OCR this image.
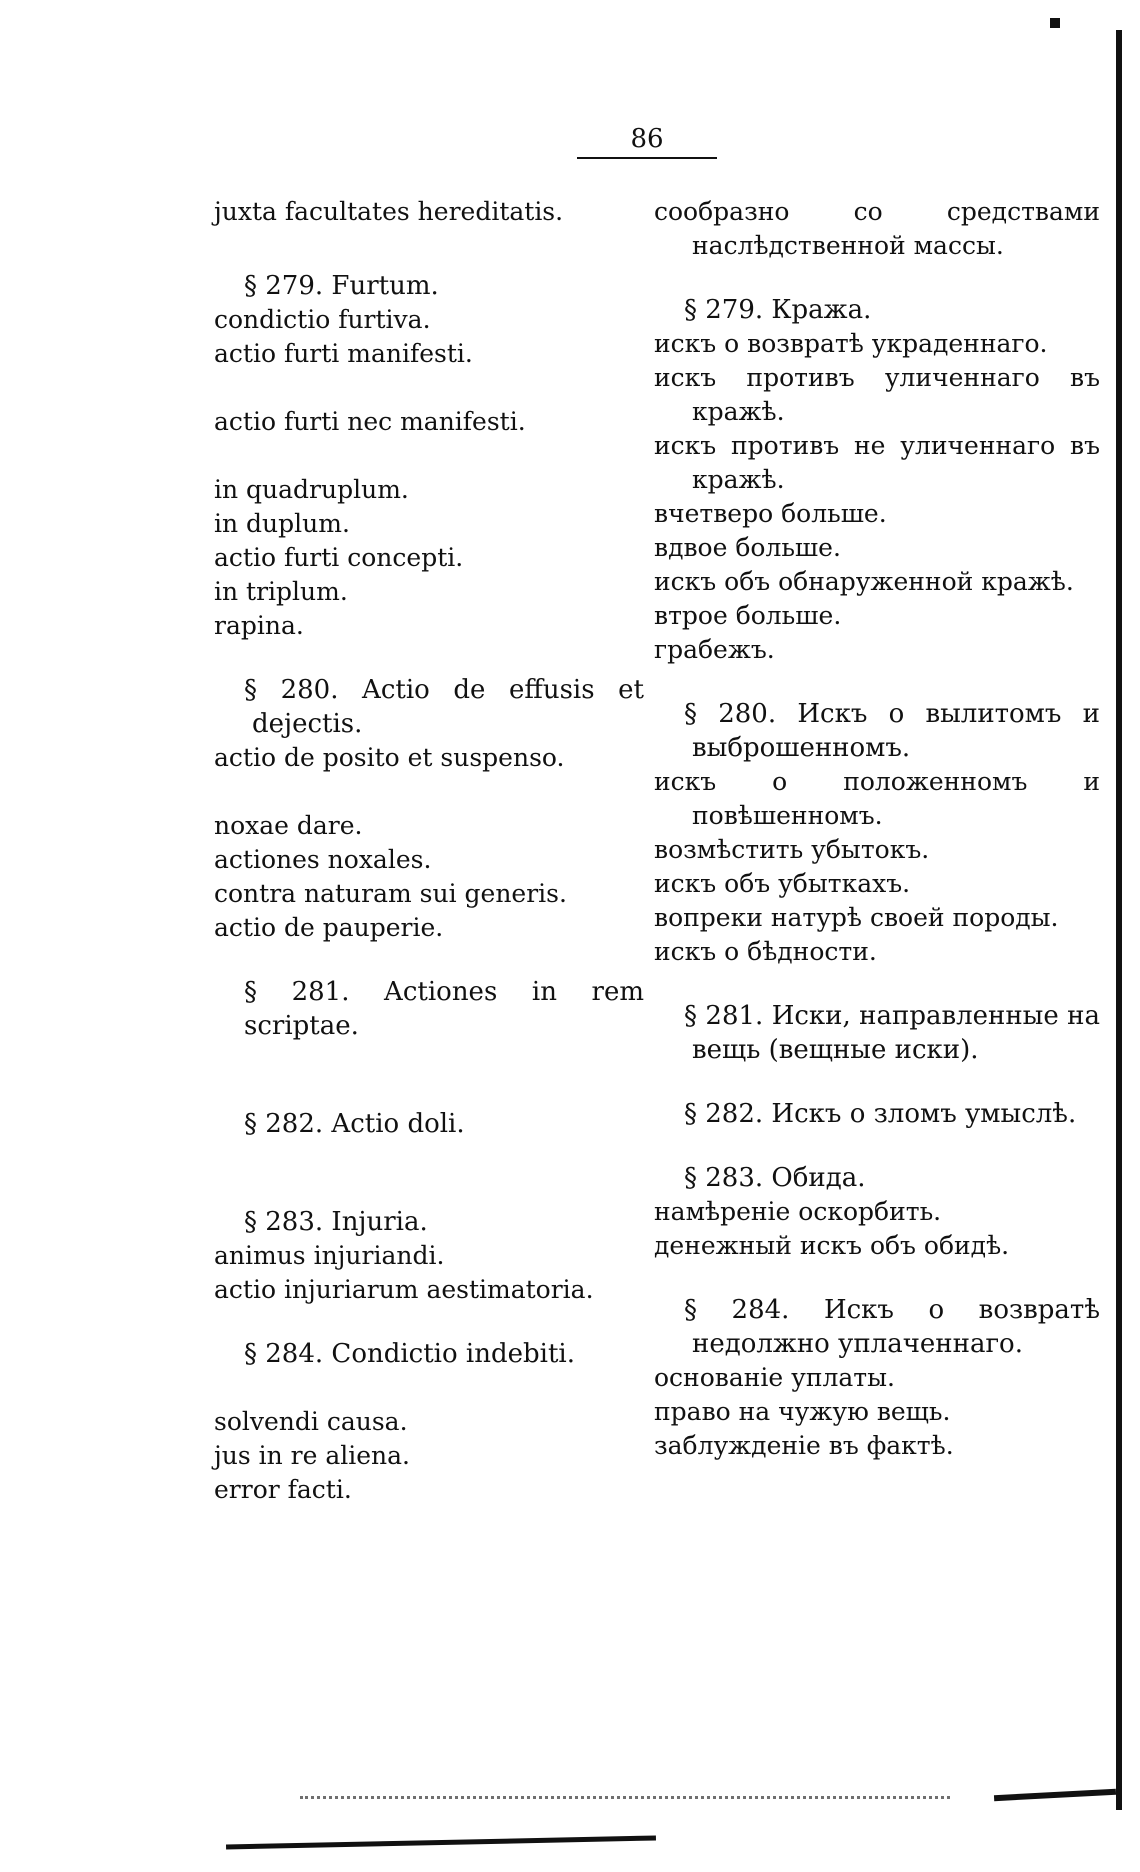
86
juxta facultates hereditatis.
§ 279. Furtum.
condictio furtiva.
actio furti manifesti.
actio furti nec manifesti.
in quadruplum.
in duplum.
actio furti concepti.
in triplum.
rapina.
§ 280. Actio de effusis et dejectis.
actio de posito et suspenso.
noxae dare.
actiones noxales.
contra naturam sui generis.
actio de pauperie.
§ 281. Actiones in rem scriptae.
§ 282. Actio doli.
§ 283. Injuria.
animus injuriandi.
actio injuriarum aestimatoria.
§ 284. Condictio indebiti.
solvendi causa.
jus in re aliena.
error facti.
сообразно со средствами наслѣдственной массы.
§ 279. Кража.
искъ о возвратѣ украденнаго.
искъ противъ уличеннаго въ кражѣ.
искъ противъ не уличеннаго въ кражѣ.
вчетверо больше.
вдвое больше.
искъ объ обнаруженной кражѣ.
втрое больше.
грабежъ.
§ 280. Искъ о вылитомъ и выброшенномъ.
искъ о положенномъ и повѣшенномъ.
возмѣстить убытокъ.
искъ объ убыткахъ.
вопреки натурѣ своей породы.
искъ о бѣдности.
§ 281. Иски, направленные на вещь (вещные иски).
§ 282. Искъ о зломъ умыслѣ.
§ 283. Обида.
намѣреніе оскорбить.
денежный искъ объ обидѣ.
§ 284. Искъ о возвратѣ недолжно уплаченнаго.
основаніе уплаты.
право на чужую вещь.
заблужденіе въ фактѣ.
